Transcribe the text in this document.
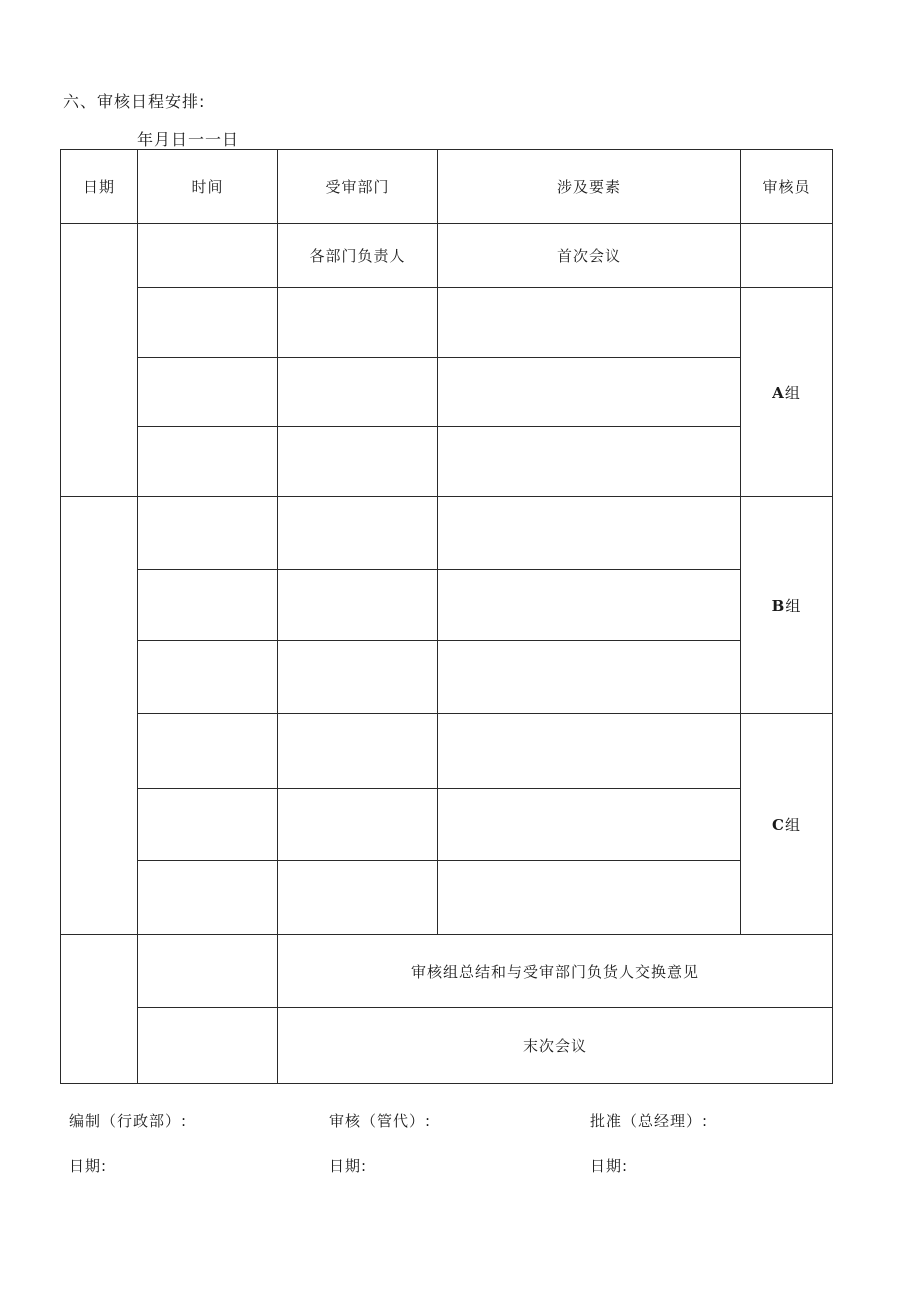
六、审核日程安排:
年月日一一日
日期	时间	受审部门	涉及要素	审核员
		各部门负责人	首次会议	
				A组

				B组

				C组

		审核组总结和与受审部门负货人交换意见		
		末次会议		
编制（行政部）:	审核（管代）:	批准（总经理）:
日期:	日期:	日期:
